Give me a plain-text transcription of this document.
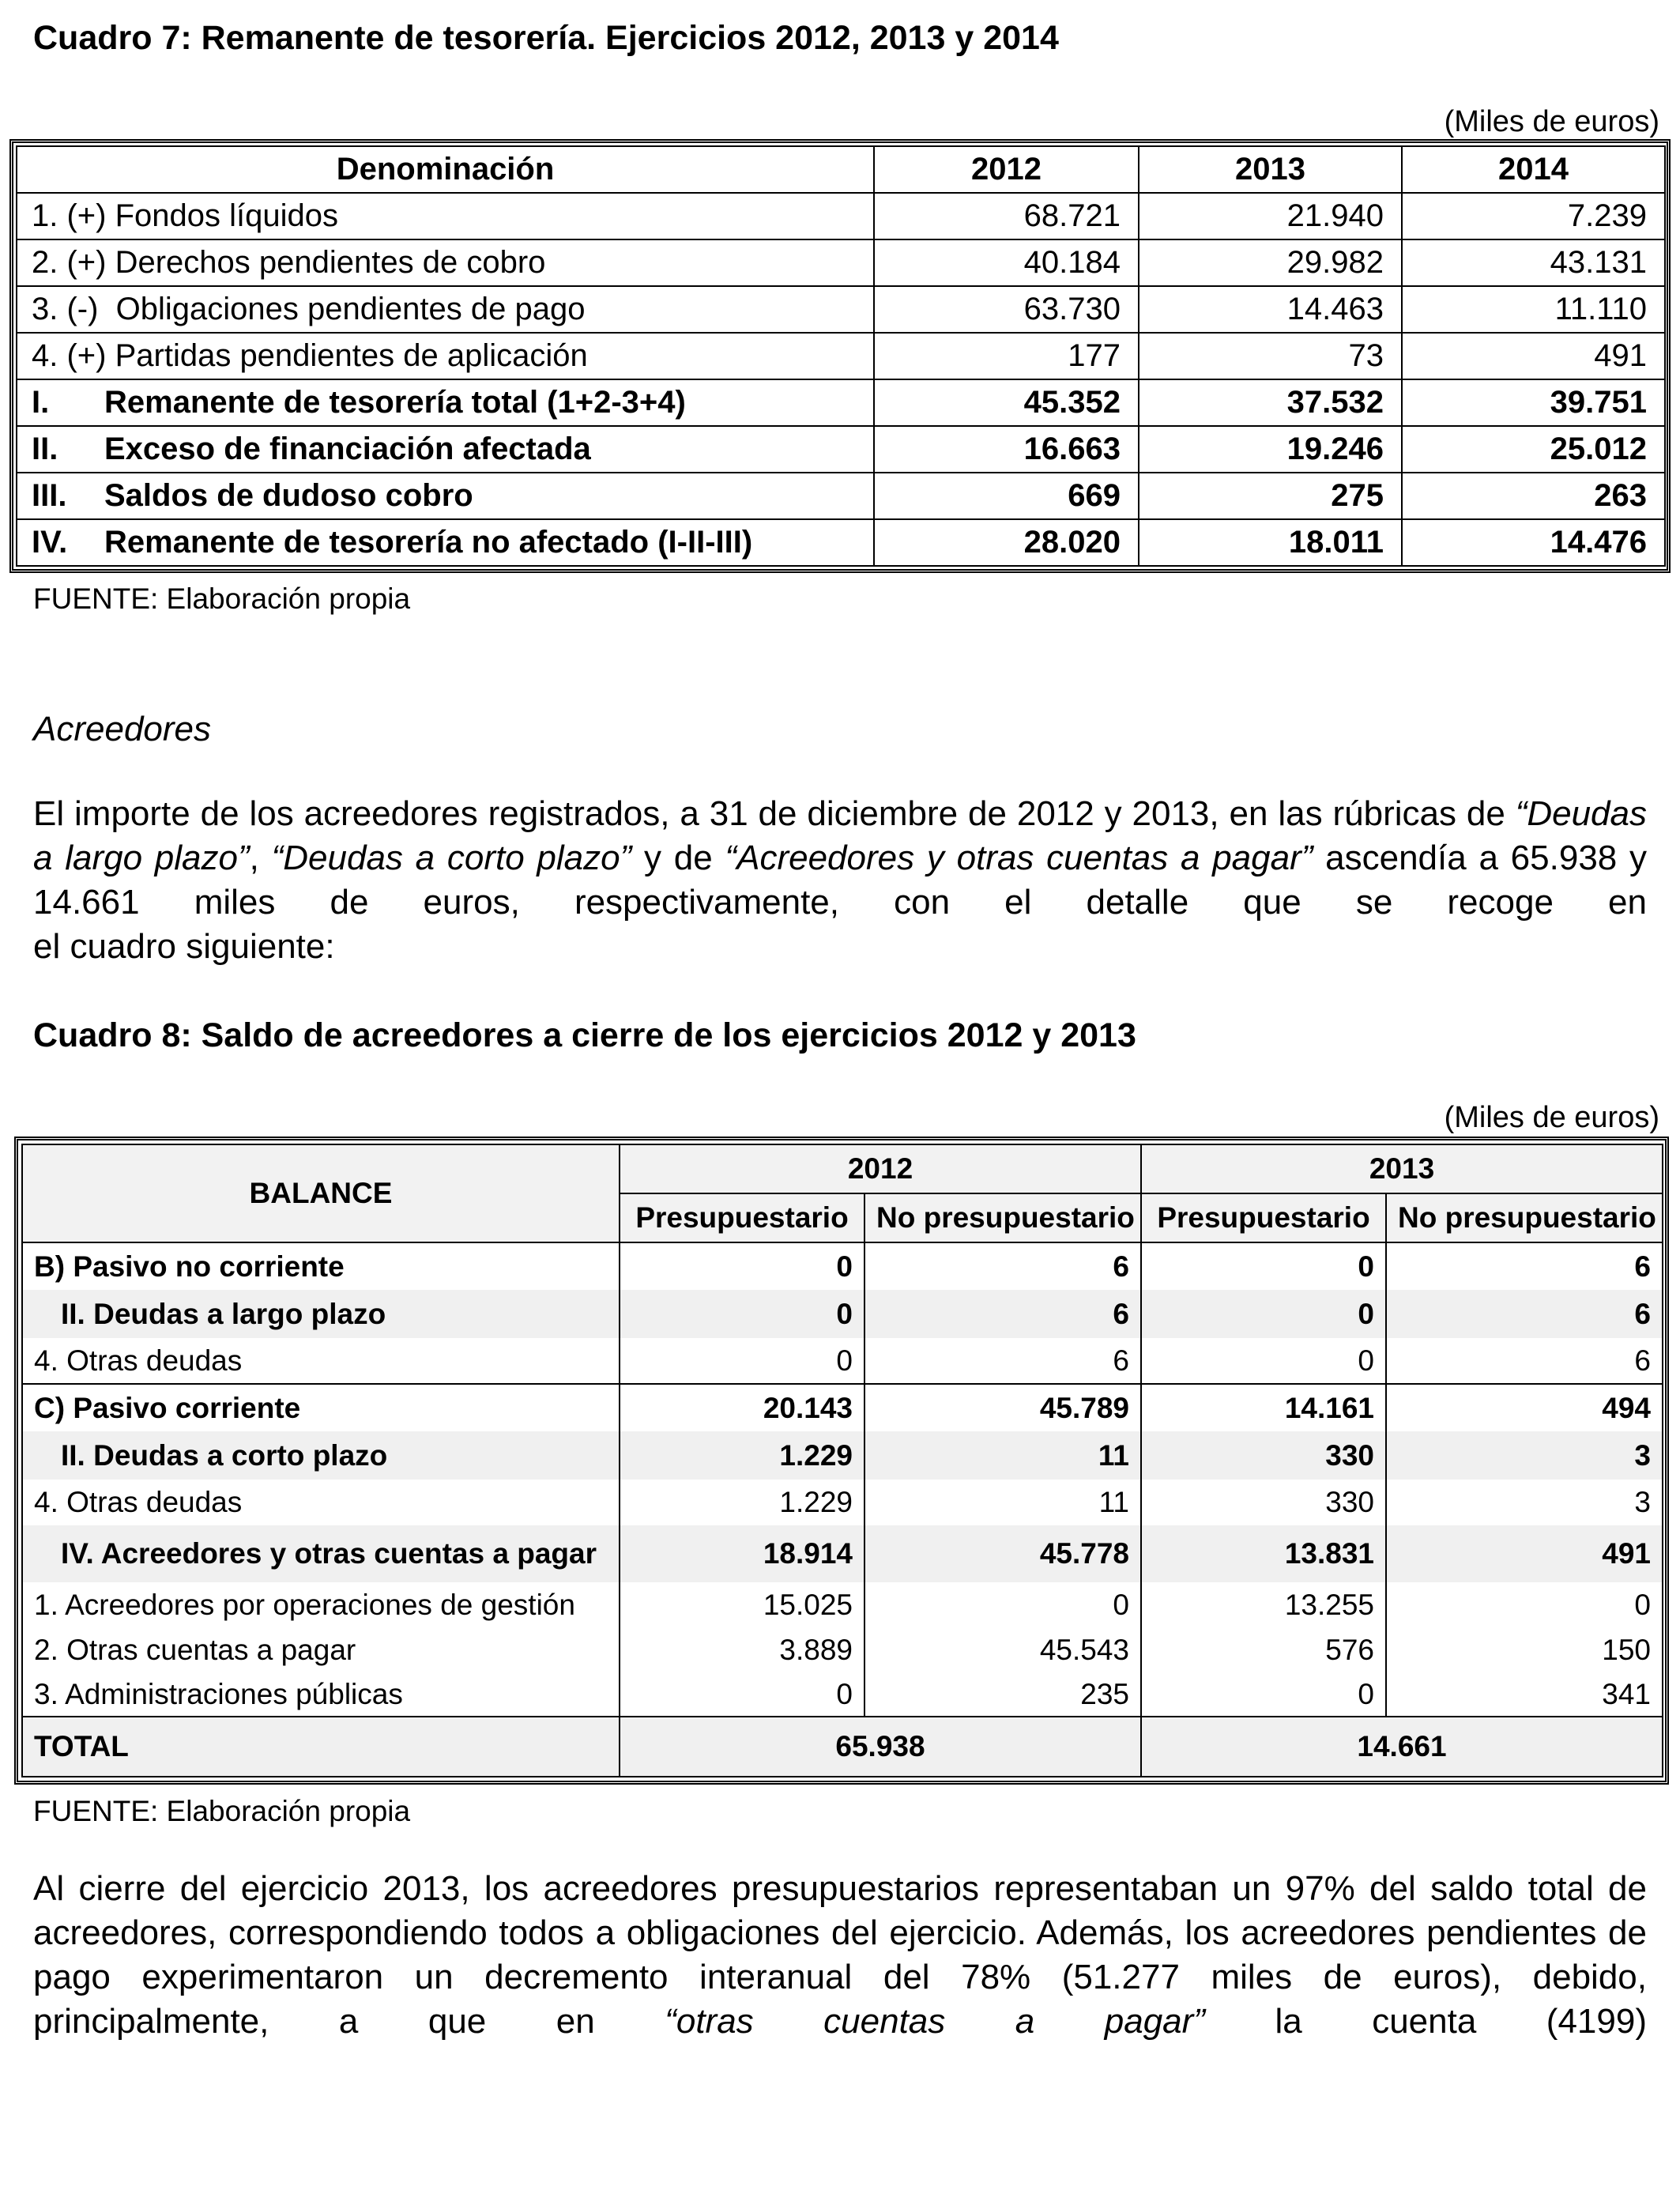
Cuadro 7: Remanente de tesorería. Ejercicios 2012, 2013 y 2014
(Miles de euros)
Denominación	2012	2013	2014
1. (+) Fondos líquidos	68.721	21.940	7.239
2. (+) Derechos pendientes de cobro	40.184	29.982	43.131
3. (-)  Obligaciones pendientes de pago	63.730	14.463	11.110
4. (+) Partidas pendientes de aplicación	177	73	491
I. Remanente de tesorería total (1+2-3+4)	45.352	37.532	39.751
II. Exceso de financiación afectada	16.663	19.246	25.012
III. Saldos de dudoso cobro	669	275	263
IV. Remanente de tesorería no afectado (I-II-III)	28.020	18.011	14.476
FUENTE: Elaboración propia
Acreedores
El importe de los acreedores registrados, a 31 de diciembre de 2012 y 2013, en las rúbricas de “Deudas a largo plazo”, “Deudas a corto plazo” y de “Acreedores y otras cuentas a pagar” ascendía a 65.938 y 14.661 miles de euros, respectivamente, con el detalle que se recoge en
el cuadro siguiente:
Cuadro 8: Saldo de acreedores a cierre de los ejercicios 2012 y 2013
(Miles de euros)
BALANCE	2012		2013	
	Presupuestario	No presupuestario	Presupuestario	No presupuestario
B) Pasivo no corriente	0	6	0	6
II. Deudas a largo plazo	0	6	0	6
4. Otras deudas	0	6	0	6
C) Pasivo corriente	20.143	45.789	14.161	494
II. Deudas a corto plazo	1.229	11	330	3
4. Otras deudas	1.229	11	330	3
IV. Acreedores y otras cuentas a pagar	18.914	45.778	13.831	491
1. Acreedores por operaciones de gestión	15.025	0	13.255	0
2. Otras cuentas a pagar	3.889	45.543	576	150
3. Administraciones públicas	0	235	0	341
TOTAL	65.938		14.661	
FUENTE: Elaboración propia
Al cierre del ejercicio 2013, los acreedores presupuestarios representaban un 97% del saldo total de acreedores, correspondiendo todos a obligaciones del ejercicio. Además, los acreedores pendientes de pago experimentaron un decremento interanual del 78% (51.277 miles de euros), debido, principalmente, a que en “otras cuentas a pagar” la cuenta (4199)
